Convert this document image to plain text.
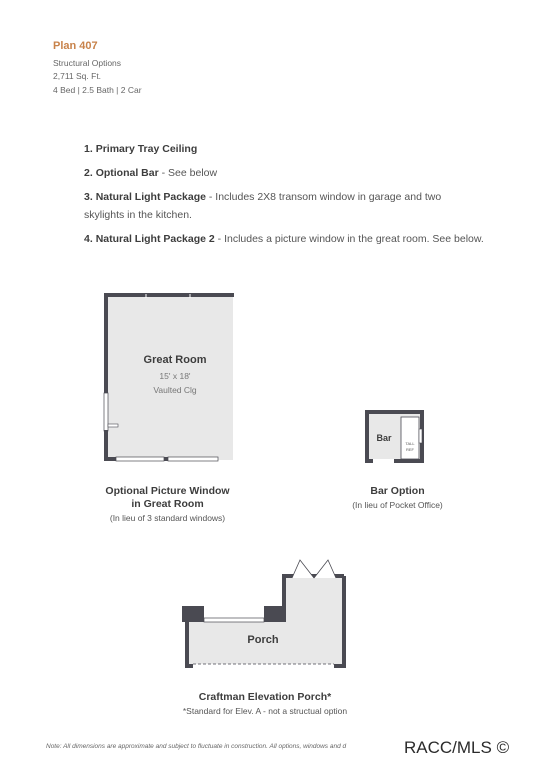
Plan 407
Structural Options
2,711 Sq. Ft.
4 Bed | 2.5 Bath | 2 Car
1. Primary Tray Ceiling
2. Optional Bar - See below
3. Natural Light Package - Includes 2X8 transom window in garage and two skylights in the kitchen.
4. Natural Light Package 2 - Includes a picture window in the great room. See below.
Great Room
15' x 18'
Vaulted Clg
Optional Picture Window
in Great Room
(In lieu of 3 standard windows)
TALL
REF
Bar
Bar Option
(In lieu of Pocket Office)
Porch
Craftman Elevation Porch*
*Standard for Elev. A - not a structual option
Note: All dimensions are approximate and subject to fluctuate in construction. All options, windows and d	RACC/MLS ©
